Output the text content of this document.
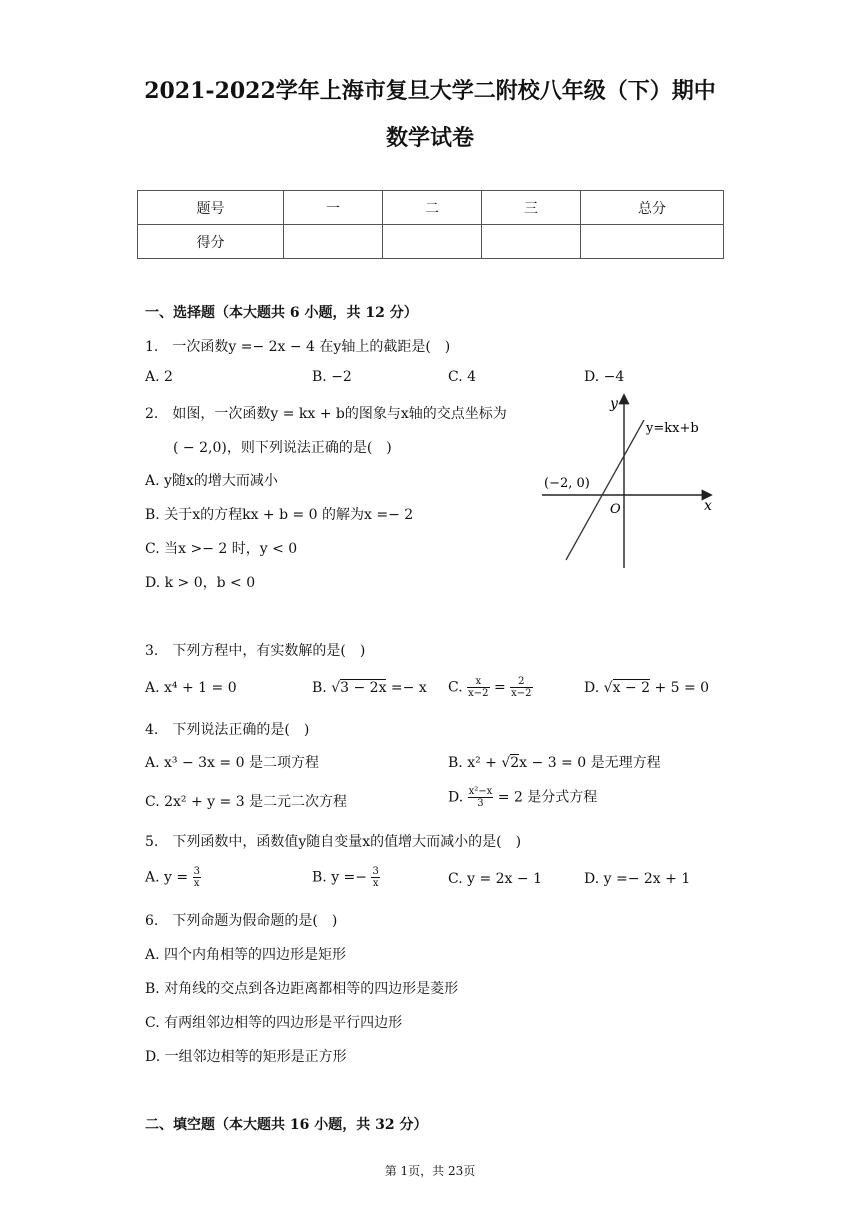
2021-2022学年上海市复旦大学二附校八年级（下）期中
数学试卷
题号	一	二	三	总分
得分				
一、选择题（本大题共 6 小题，共 12 分）
1.　一次函数y =− 2x − 4 在y轴上的截距是(　)
A. 2	B. −2	C. 4	D. −4
2.　如图，一次函数y = kx + b的图象与x轴的交点坐标为
( − 2,0)，则下列说法正确的是(　)
A. y随x的增大而减小
B. 关于x的方程kx + b = 0 的解为x =− 2
C. 当x >− 2 时，y < 0
D. k > 0，b < 0
y
x
O
y=kx+b
(−2, 0)
3.　下列方程中，有实数解的是(　)
A. x⁴ + 1 = 0	B. √3 − 2x =− x C. $\frac{x}{x-2} = \frac{2}{x-2}$	D. √x − 2 + 5 = 0
4.　下列说法正确的是(　)
A. x³ − 3x = 0 是二项方程	B. x² + √2x − 3 = 0 是无理方程
C. 2x² + y = 3 是二元二次方程	D. $\frac{\text{x²−x}}{3} = 2$ 是分式方程
5.　下列函数中，函数值y随自变量x的值增大而减小的是(　)
A. $y = \frac{3}{x}$	B. $y =- \frac{3}{x}$	C. y = 2x − 1	D. y =− 2x + 1
6.　下列命题为假命题的是(　)
A. 四个内角相等的四边形是矩形
B. 对角线的交点到各边距离都相等的四边形是菱形
C. 有两组邻边相等的四边形是平行四边形
D. 一组邻边相等的矩形是正方形
二、填空题（本大题共 16 小题，共 32 分）
第 1页，共 23页
